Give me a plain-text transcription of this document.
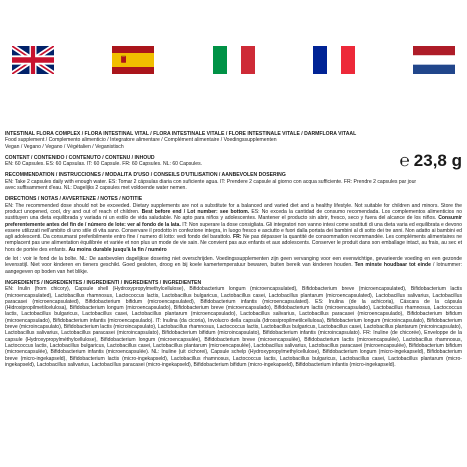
INTESTINAL FLORA COMPLEX / FLORA INTESTINAL VITAL / FLORA INTESTINALE VITALE / FLORE INTESTINALE VITALE / DARMFLORA VITAAL
Food supplement / Complemento alimenticio / Integratore alimentare / Complément alimentaire / Voedingssupplementen
Vegan / Vegano / Vegano / Végétalien / Veganistisch
CONTENT / CONTENIDO / CONTENUTO / CONTENU / INHOUD
EN: 60 Capsules. ES: 60 Capsulas. IT: 60 Capsule. FR: 60 Capsules. NL: 60 Capsules.	℮ 23,8 g
RECOMMENDATION / INSTRUCCIONES / MODALITÀ D'USO / CONSEILS D'UTILISATION / AANBEVOLEN DOSERING
EN: Take 2 capsules daily with enough water. ES: Tomar 2 cápsulas diaria con suficiente agua. IT: Prendere 2 capsule al giorno con acqua sufficiente. FR: Prendre 2 capsules par jour
avec suffisamment d'eau. NL: Dagelijks 2 capsules met voldoende water nemen.
DIRECTIONS / NOTAS / AVVERTENZE / NOTES / NOTITIE
EN: The recommended dose should not be exceeded. Dietary supplements are not a substitute for a balanced and varied diet and a healthy lifestyle. Not suitable for children and minors. Store the product unopened, cool, dry and out of reach of children. Best before end / Lot number: see bottom. ES: No exceda la cantidad de consumo recomendada. Los complementos alimenticios no sustituyen una dieta equilibrada y variada ni un estilo de vida saludable. No apto para niños y adolescentes. Mantener el producto sin abrir, fresco, seco y fuera del alcance de los niños. Consumir preferentemente antes del fin de / número de lote: ver al fondo de la lata. IT: Non superare la dose consigliata. Gli integratori non vanno intesi come sostituti di una dieta varia ed equilibrata e devono essere utilizzati nell'ambito di uno stile di vita sano. Conservare il prodotto in confezione integra, in luogo fresco e asciutto e fuori dalla portata dei bambini al di sotto dei tre anni. Non adatto ai bambini ed agli adolescenti. Da consumarsi preferibilmente entro fine / numero di lotto: vedi fondo del barattolo. FR: Ne pas dépasser la quantité de consommation recommandée. Les compléments alimentaires ne remplacent pas une alimentation équilibrée et variée et non plus un mode de vie sain. Ne convient pas aux enfants et aux adolescents. Conserver le produit dans son emballage intact, au frais, au sec et hors de portée des enfants. Au moins durable jusqu'à la fin / numéro
de lot : voir le fond de la boîte. NL: De aanbevolen dagelijkse dosering niet overschrijden. Voedingssupplementen zijn geen vervanging voor een evenwichtige, gevarieerde voeding en een gezonde levensstijl. Niet voor kinderen en tieners geschikt. Goed gesloten, droog en bij koele kamertemperatuur bewaren, buiten bereik van kinderen houden. Ten minste houdbaar tot einde / lotnummer: aangegeven op boden van het blikje.
INGREDIENTS / INGREDIENTES / INGREDIENTI / INGRÉDIENTS / INGREDIËNTEN
EN: Inulin (from chicory), Capsule shell (Hydroxypropylmethylcellulose), Bifidobacterium longum (microencapsulated), Bifidobacterium breve (microencapsulated), Bifidobacterium lactis (microencapsulated), Lactobacillus rhamnosus, Lactococcus lactis, Lactobacillus bulgaricus, Lactobacillus casei, Lactobacillus plantarum (microencapsulated), Lactobacillus salivarius, Lactobacillus paracasei (microencapsulated), Bifidobacterium bifidum (microencapsulated), Bifidobacterium infantis (microencapsulated). ES: Inulina (de la achicoria), Cáscara de la cápsula (Hidroxipropilmetilcelulosa), Bifidobacterium longum (microencapsulado), Bifidobacterium breve (microencapsulado), Bifidobacterium lactis (microencapsulado), Lactobacillus rhamnosus, Lactococcus lactis, Lactobacillus bulgaricus, Lactobacillus casei, Lactobacillus plantarum (microencapsulado), Lactobacillus salivarius, Lactobacillus paracasei (microencapsulado), Bifidobacterium bifidum (microencapsulado), Bifidobacterium infantis (microencapsulado). IT: Inulina (da cicoria), Involucro della capsula (Idrossipropilmetilcellulosa), Bifidobacterium longum (microincapsulato), Bifidobacterium breve (microincapsulato), Bifidobacterium lactis (microincapsulato), Lactobacillus rhamnosus, Lactococcus lactis, Lactobacillus bulgaricus, Lactobacillus casei, Lactobacillus plantarum (microincapsulato), Lactobacillus salivarius, Lactobacillus paracasei (microincapsulato), Bifidobacterium bifidum (microincapsulato), Bifidobacterium infantis (microincapsulato). FR: Inuline (de chicorée), Enveloppe de la capsule (Hydroxypropylméthylcellulose), Bifidobacterium longum (microencapsulée), Bifidobacterium breve (microencapsulée), Bifidobacterium lactis (microencapsulée), Lactobacillus rhamnosus, Lactococcus lactis, Lactobacillus bulgaricus, Lactobacillus casei, Lactobacillus plantarum (microencapsulée), Lactobacillus salivarius, Lactobacillus paracasei (microencapsulée), Bifidobacterium bifidum (microencapsulée), Bifidobacterium infantis (microencapsulée). NL: Inuline (uit cichorei), Capsule schelp (Hydroxypropylmethylcellulose), Bifidobacterium longum (micro-ingekapseld), Bifidobacterium breve (micro-ingekapseld), Bifidobacterium lactis (micro-ingekapseld), Lactobacillus rhamnosus, Lactococcus lactis, Lactobacillus bulgaricus, Lactobacillus casei, Lactobacillus plantarum (micro-ingekapseld), Lactobacillus salivarius, Lactobacillus paracasei (micro-ingekapseld), Bifidobacterium bifidum (micro-ingekapseld), Bifidobacterium infantis (micro-ingekapseld).
